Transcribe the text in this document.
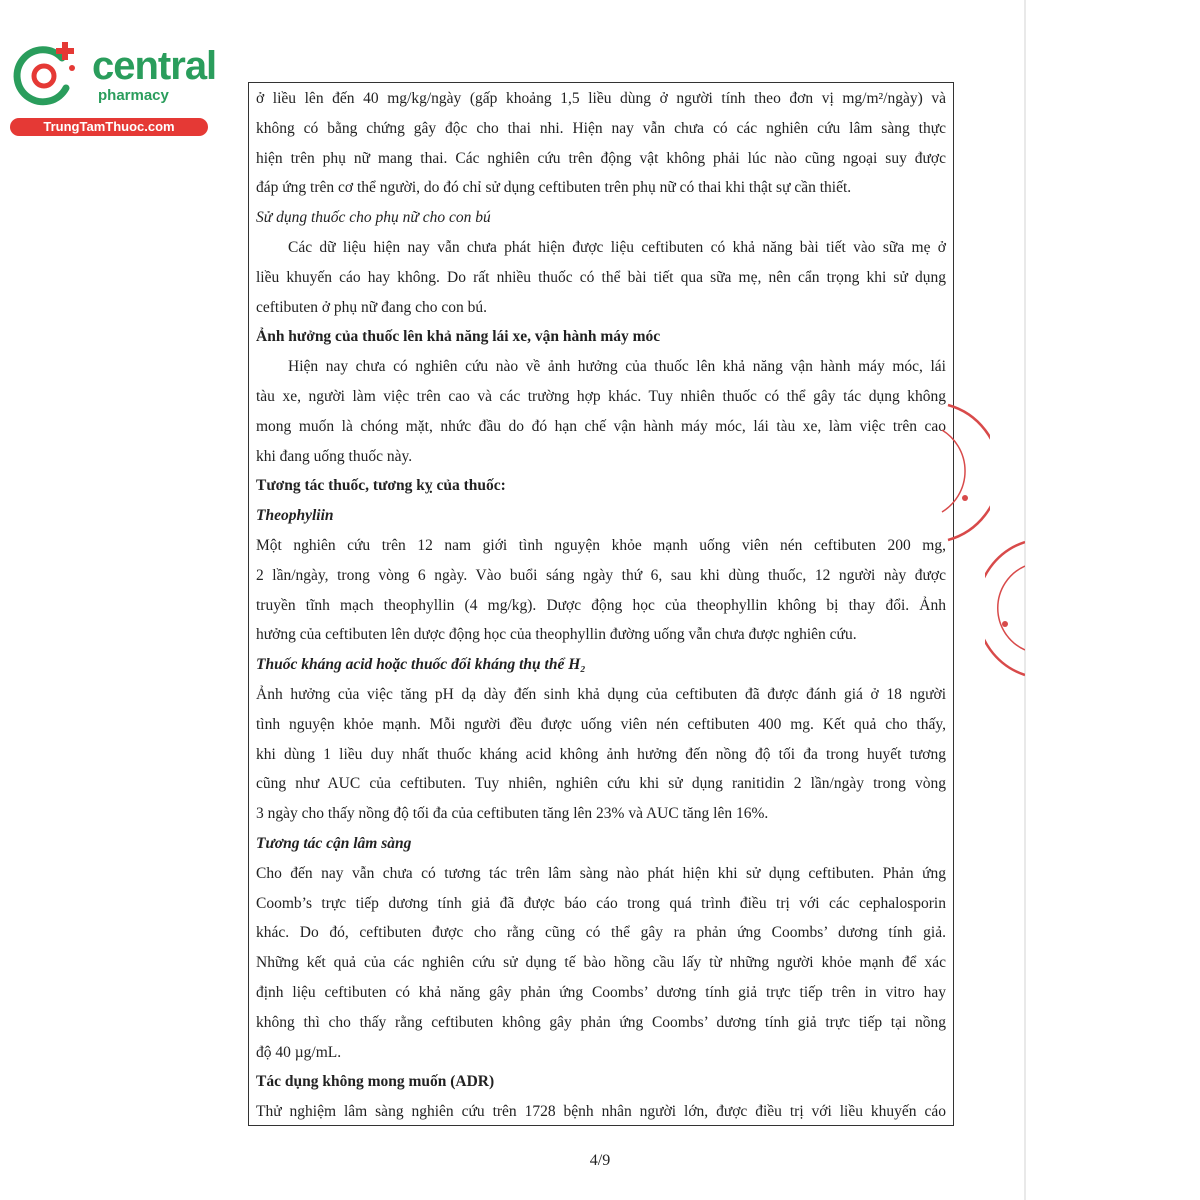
central
pharmacy
TrungTamThuoc.com
ở liều lên đến 40 mg/kg/ngày (gấp khoảng 1,5 liều dùng ở người tính theo đơn vị mg/m²/ngày) và
không có bằng chứng gây độc cho thai nhi. Hiện nay vẫn chưa có các nghiên cứu lâm sàng thực
hiện trên phụ nữ mang thai. Các nghiên cứu trên động vật không phải lúc nào cũng ngoại suy được
đáp ứng trên cơ thể người, do đó chỉ sử dụng ceftibuten trên phụ nữ có thai khi thật sự cần thiết.
Sử dụng thuốc cho phụ nữ cho con bú
Các dữ liệu hiện nay vẫn chưa phát hiện được liệu ceftibuten có khả năng bài tiết vào sữa mẹ ở
liều khuyến cáo hay không. Do rất nhiều thuốc có thể bài tiết qua sữa mẹ, nên cẩn trọng khi sử dụng
ceftibuten ở phụ nữ đang cho con bú.
Ảnh hưởng của thuốc lên khả năng lái xe, vận hành máy móc
Hiện nay chưa có nghiên cứu nào về ảnh hưởng của thuốc lên khả năng vận hành máy móc, lái
tàu xe, người làm việc trên cao và các trường hợp khác. Tuy nhiên thuốc có thể gây tác dụng không
mong muốn là chóng mặt, nhức đầu do đó hạn chế vận hành máy móc, lái tàu xe, làm việc trên cao
khi đang uống thuốc này.
Tương tác thuốc, tương kỵ của thuốc:
Theophyliin
Một nghiên cứu trên 12 nam giới tình nguyện khỏe mạnh uống viên nén ceftibuten 200 mg,
2 lần/ngày, trong vòng 6 ngày. Vào buổi sáng ngày thứ 6, sau khi dùng thuốc, 12 người này được
truyền tĩnh mạch theophyllin (4 mg/kg). Dược động học của theophyllin không bị thay đổi. Ảnh
hưởng của ceftibuten lên dược động học của theophyllin đường uống vẫn chưa được nghiên cứu.
Thuốc kháng acid hoặc thuốc đối kháng thụ thể H₂
Ảnh hưởng của việc tăng pH dạ dày đến sinh khả dụng của ceftibuten đã được đánh giá ở 18 người
tình nguyện khỏe mạnh. Mỗi người đều được uống viên nén ceftibuten 400 mg. Kết quả cho thấy,
khi dùng 1 liều duy nhất thuốc kháng acid không ảnh hưởng đến nồng độ tối đa trong huyết tương
cũng như AUC của ceftibuten. Tuy nhiên, nghiên cứu khi sử dụng ranitidin 2 lần/ngày trong vòng
3 ngày cho thấy nồng độ tối đa của ceftibuten tăng lên 23% và AUC tăng lên 16%.
Tương tác cận lâm sàng
Cho đến nay vẫn chưa có tương tác trên lâm sàng nào phát hiện khi sử dụng ceftibuten. Phản ứng
Coomb’s trực tiếp dương tính giả đã được báo cáo trong quá trình điều trị với các cephalosporin
khác. Do đó, ceftibuten được cho rằng cũng có thể gây ra phản ứng Coombs’ dương tính giả.
Những kết quả của các nghiên cứu sử dụng tế bào hồng cầu lấy từ những người khỏe mạnh để xác
định liệu ceftibuten có khả năng gây phản ứng Coombs’ dương tính giả trực tiếp trên in vitro hay
không thì cho thấy rằng ceftibuten không gây phản ứng Coombs’ dương tính giả trực tiếp tại nồng
độ 40 µg/mL.
Tác dụng không mong muốn (ADR)
Thử nghiệm lâm sàng nghiên cứu trên 1728 bệnh nhân người lớn, được điều trị với liều khuyến cáo
4/9
